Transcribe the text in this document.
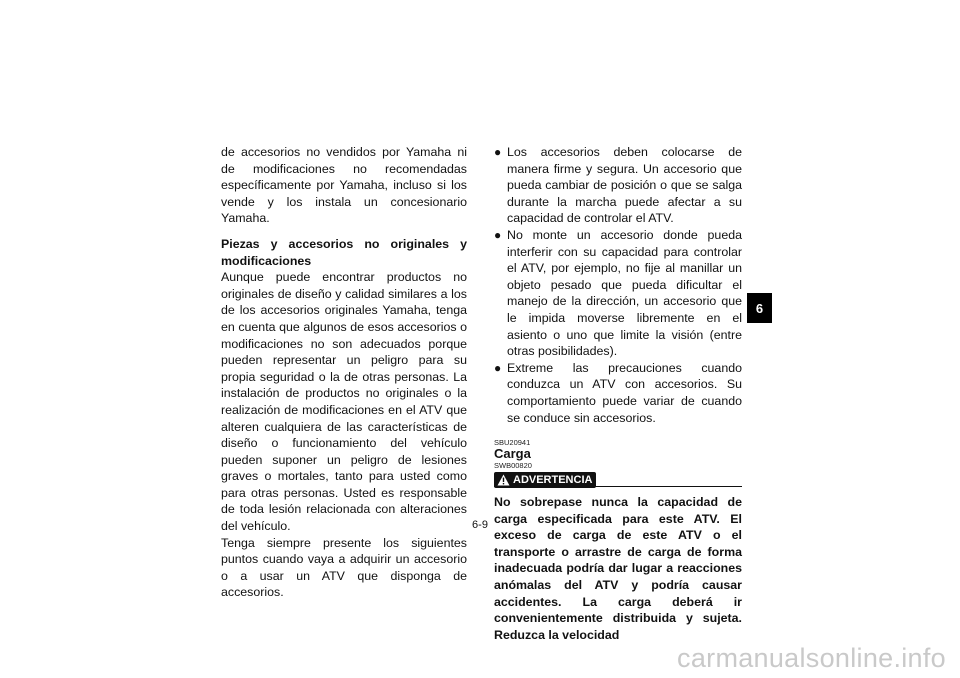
de accesorios no vendidos por Yamaha ni de modificaciones no recomendadas específicamente por Yamaha, incluso si los vende y los instala un concesionario Yamaha.

Piezas y accesorios no originales y modificaciones

Aunque puede encontrar productos no originales de diseño y calidad similares a los de los accesorios originales Yamaha, tenga en cuenta que algunos de esos accesorios o modificaciones no son adecuados porque pueden representar un peligro para su propia seguridad o la de otras personas. La instalación de productos no originales o la realización de modificaciones en el ATV que alteren cualquiera de las características de diseño o funcionamiento del vehículo pueden suponer un peligro de lesiones graves o mortales, tanto para usted como para otras personas. Usted es responsable de toda lesión relacionada con alteraciones del vehículo.

Tenga siempre presente los siguientes puntos cuando vaya a adquirir un accesorio o a usar un ATV que disponga de accesorios.

● Los accesorios deben colocarse de manera firme y segura. Un accesorio que pueda cambiar de posición o que se salga durante la marcha puede afectar a su capacidad de controlar el ATV.
● No monte un accesorio donde pueda interferir con su capacidad para controlar el ATV, por ejemplo, no fije al manillar un objeto pesado que pueda dificultar el manejo de la dirección, un accesorio que le impida moverse libremente en el asiento o uno que limite la visión (entre otras posibilidades).
● Extreme las precauciones cuando conduzca un ATV con accesorios. Su comportamiento puede variar de cuando se conduce sin accesorios.
SBU20941
Carga
SWB00820
ADVERTENCIA

No sobrepase nunca la capacidad de carga especificada para este ATV. El exceso de carga de este ATV o el transporte o arrastre de carga de forma inadecuada podría dar lugar a reacciones anómalas del ATV y podría causar accidentes. La carga deberá ir convenientemente distribuida y sujeta. Reduzca la velocidad

6
6-9
carmanualsonline.info
